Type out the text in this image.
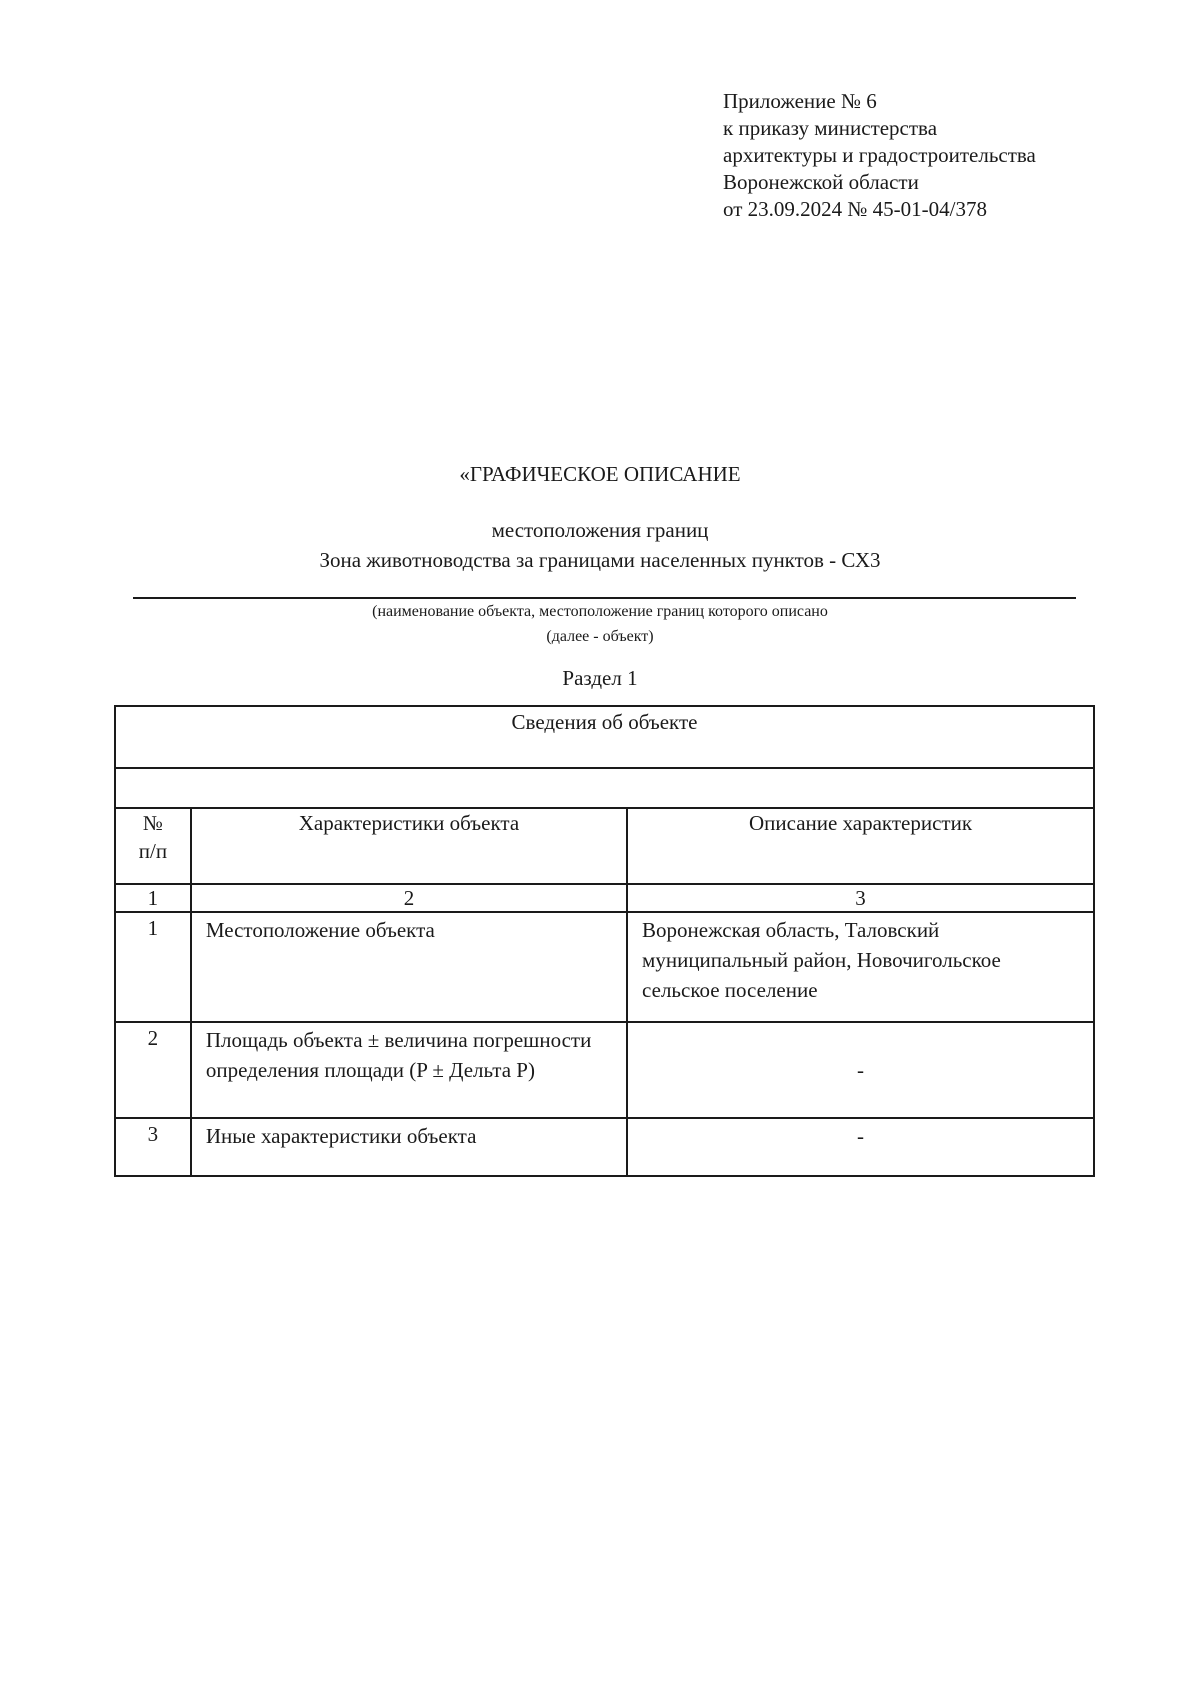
Приложение № 6
к приказу министерства
архитектуры и градостроительства
Воронежской области
от 23.09.2024 № 45-01-04/378
«ГРАФИЧЕСКОЕ ОПИСАНИЕ
местоположения границ
Зона животноводства за границами населенных пунктов - СХ3
(наименование объекта, местоположение границ которого описано
(далее - объект)
Раздел 1
Сведения об объекте		

№ п/п	Характеристики объекта	Описание характеристик
1	2	3
1	Местоположение объекта	Воронежская область, Таловский муниципальный район, Новочигольское сельское поселение

2	Площадь объекта ± величина погрешности определения площади (P ± Дельта P)	-
3	Иные характеристики объекта	-
